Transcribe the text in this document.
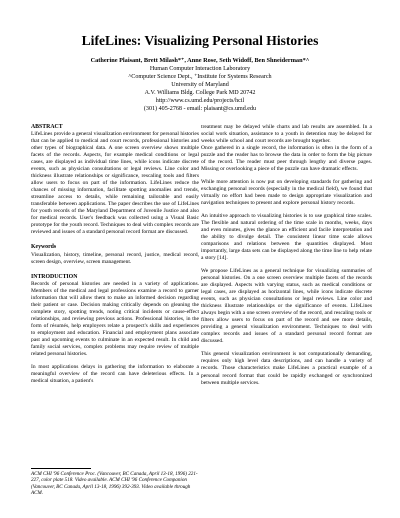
LifeLines: Visualizing Personal Histories
Catherine Plaisant, Brett Milash*⁺, Anne Rose, Seth Widoff, Ben Shneiderman*^
Human Computer Interaction Laboratory
^Computer Science Dept., ⁺Institute for Systems Research
University of Maryland
A.V. Williams Bldg. College Park MD 20742
http://www.cs.umd.edu/projects/hcil
(301) 405-2768 - email: plaisant@cs.umd.edu

ABSTRACT

LifeLines provide a general visualization environment for personal histories that can be applied to medical and court records, professional histories and other types of biographical data. A one screen overview shows multiple facets of the records. Aspects, for example medical conditions or legal cases, are displayed as individual time lines, while icons indicate discrete events, such as physician consultations or legal reviews. Line color and thickness illustrate relationships or significance, rescaling tools and filters allow users to focus on part of the information. LifeLines reduce the chances of missing information, facilitate spotting anomalies and trends, streamline access to details, while remaining tailorable and easily transferable between applications. The paper describes the use of LifeLines for youth records of the Maryland Department of Juvenile Justice and also for medical records. User's feedback was collected using a Visual Basic prototype for the youth record. Techniques to deal with complex records are reviewed and issues of a standard personal record format are discussed.

Keywords

Visualization, history, timeline, personal record, justice, medical record, screen design, overview, screen management.

INTRODUCTION

Records of personal histories are needed in a variety of applications. Members of the medical and legal professions examine a record to garner information that will allow them to make an informed decision regarding their patient or case. Decision making critically depends on gleaning the complete story, spotting trends, noting critical incidents or cause-effect relationships, and reviewing previous actions. Professional histories, in the form of résumés, help employers relate a prospect's skills and experiences to employment and education. Financial and employment plans associate past and upcoming events to culminate in an expected result. In child and family social services, complex problems may require review of multiple related personal histories.

In most applications delays in gathering the information to elaborate a meaningful overview of the record can have deleterious effects. In a medical situation, a patient's

ACM CHI '96 Conference Proc. (Vancouver, BC Canada, April 13-18, 1996) 221-227, color plate 518. Video available. ACM CHI '96 Conference Companion (Vancouver, BC Canada, April 13-18, 1996) 392-393. Video available through ACM.

treatment may be delayed while charts and lab results are assembled. In a social work situation, assistance to a youth in detention may be delayed for weeks while school and court records are brought together.

Once gathered in a single record, the information is often in the form of a puzzle and the reader has to browse the data in order to form the big picture of the record. The reader must peer through lengthy and diverse pages. Missing or overlooking a piece of the puzzle can have dramatic effects.

While more attention is now put on developing standards for gathering and exchanging personal records (especially in the medical field), we found that virtually no effort had been made to design appropriate visualization and navigation techniques to present and explore personal history records.

An intuitive approach to visualizing histories is to use graphical time scales. The flexible and natural ordering of the time scale in months, weeks, days and even minutes, gives the glance an efficient and facile interpretation and the ability to divulge detail. The consistent linear time scale allows comparisons and relations between the quantities displayed. Most importantly, large data sets can be displayed along the time line to help relate a story [14].

We propose LifeLines as a general technique for visualizing summaries of personal histories. On a one screen overview multiple facets of the records are displayed. Aspects with varying status, such as medical conditions or legal cases, are displayed as horizontal lines, while icons indicate discrete events, such as physician consultations or legal reviews. Line color and thickness illustrate relationships or the significance of events. LifeLines always begin with a one screen overview of the record, and rescaling tools or filters allow users to focus on part of the record and see more details, providing a general visualization environment. Techniques to deal with complex records and issues of a standard personal record format are discussed.

This general visualization environment is not computationally demanding, requires only high level data descriptions, and can handle a variety of records. Those characteristics make LifeLines a practical example of a personal record format that could be rapidly exchanged or synchronized between multiple services.
